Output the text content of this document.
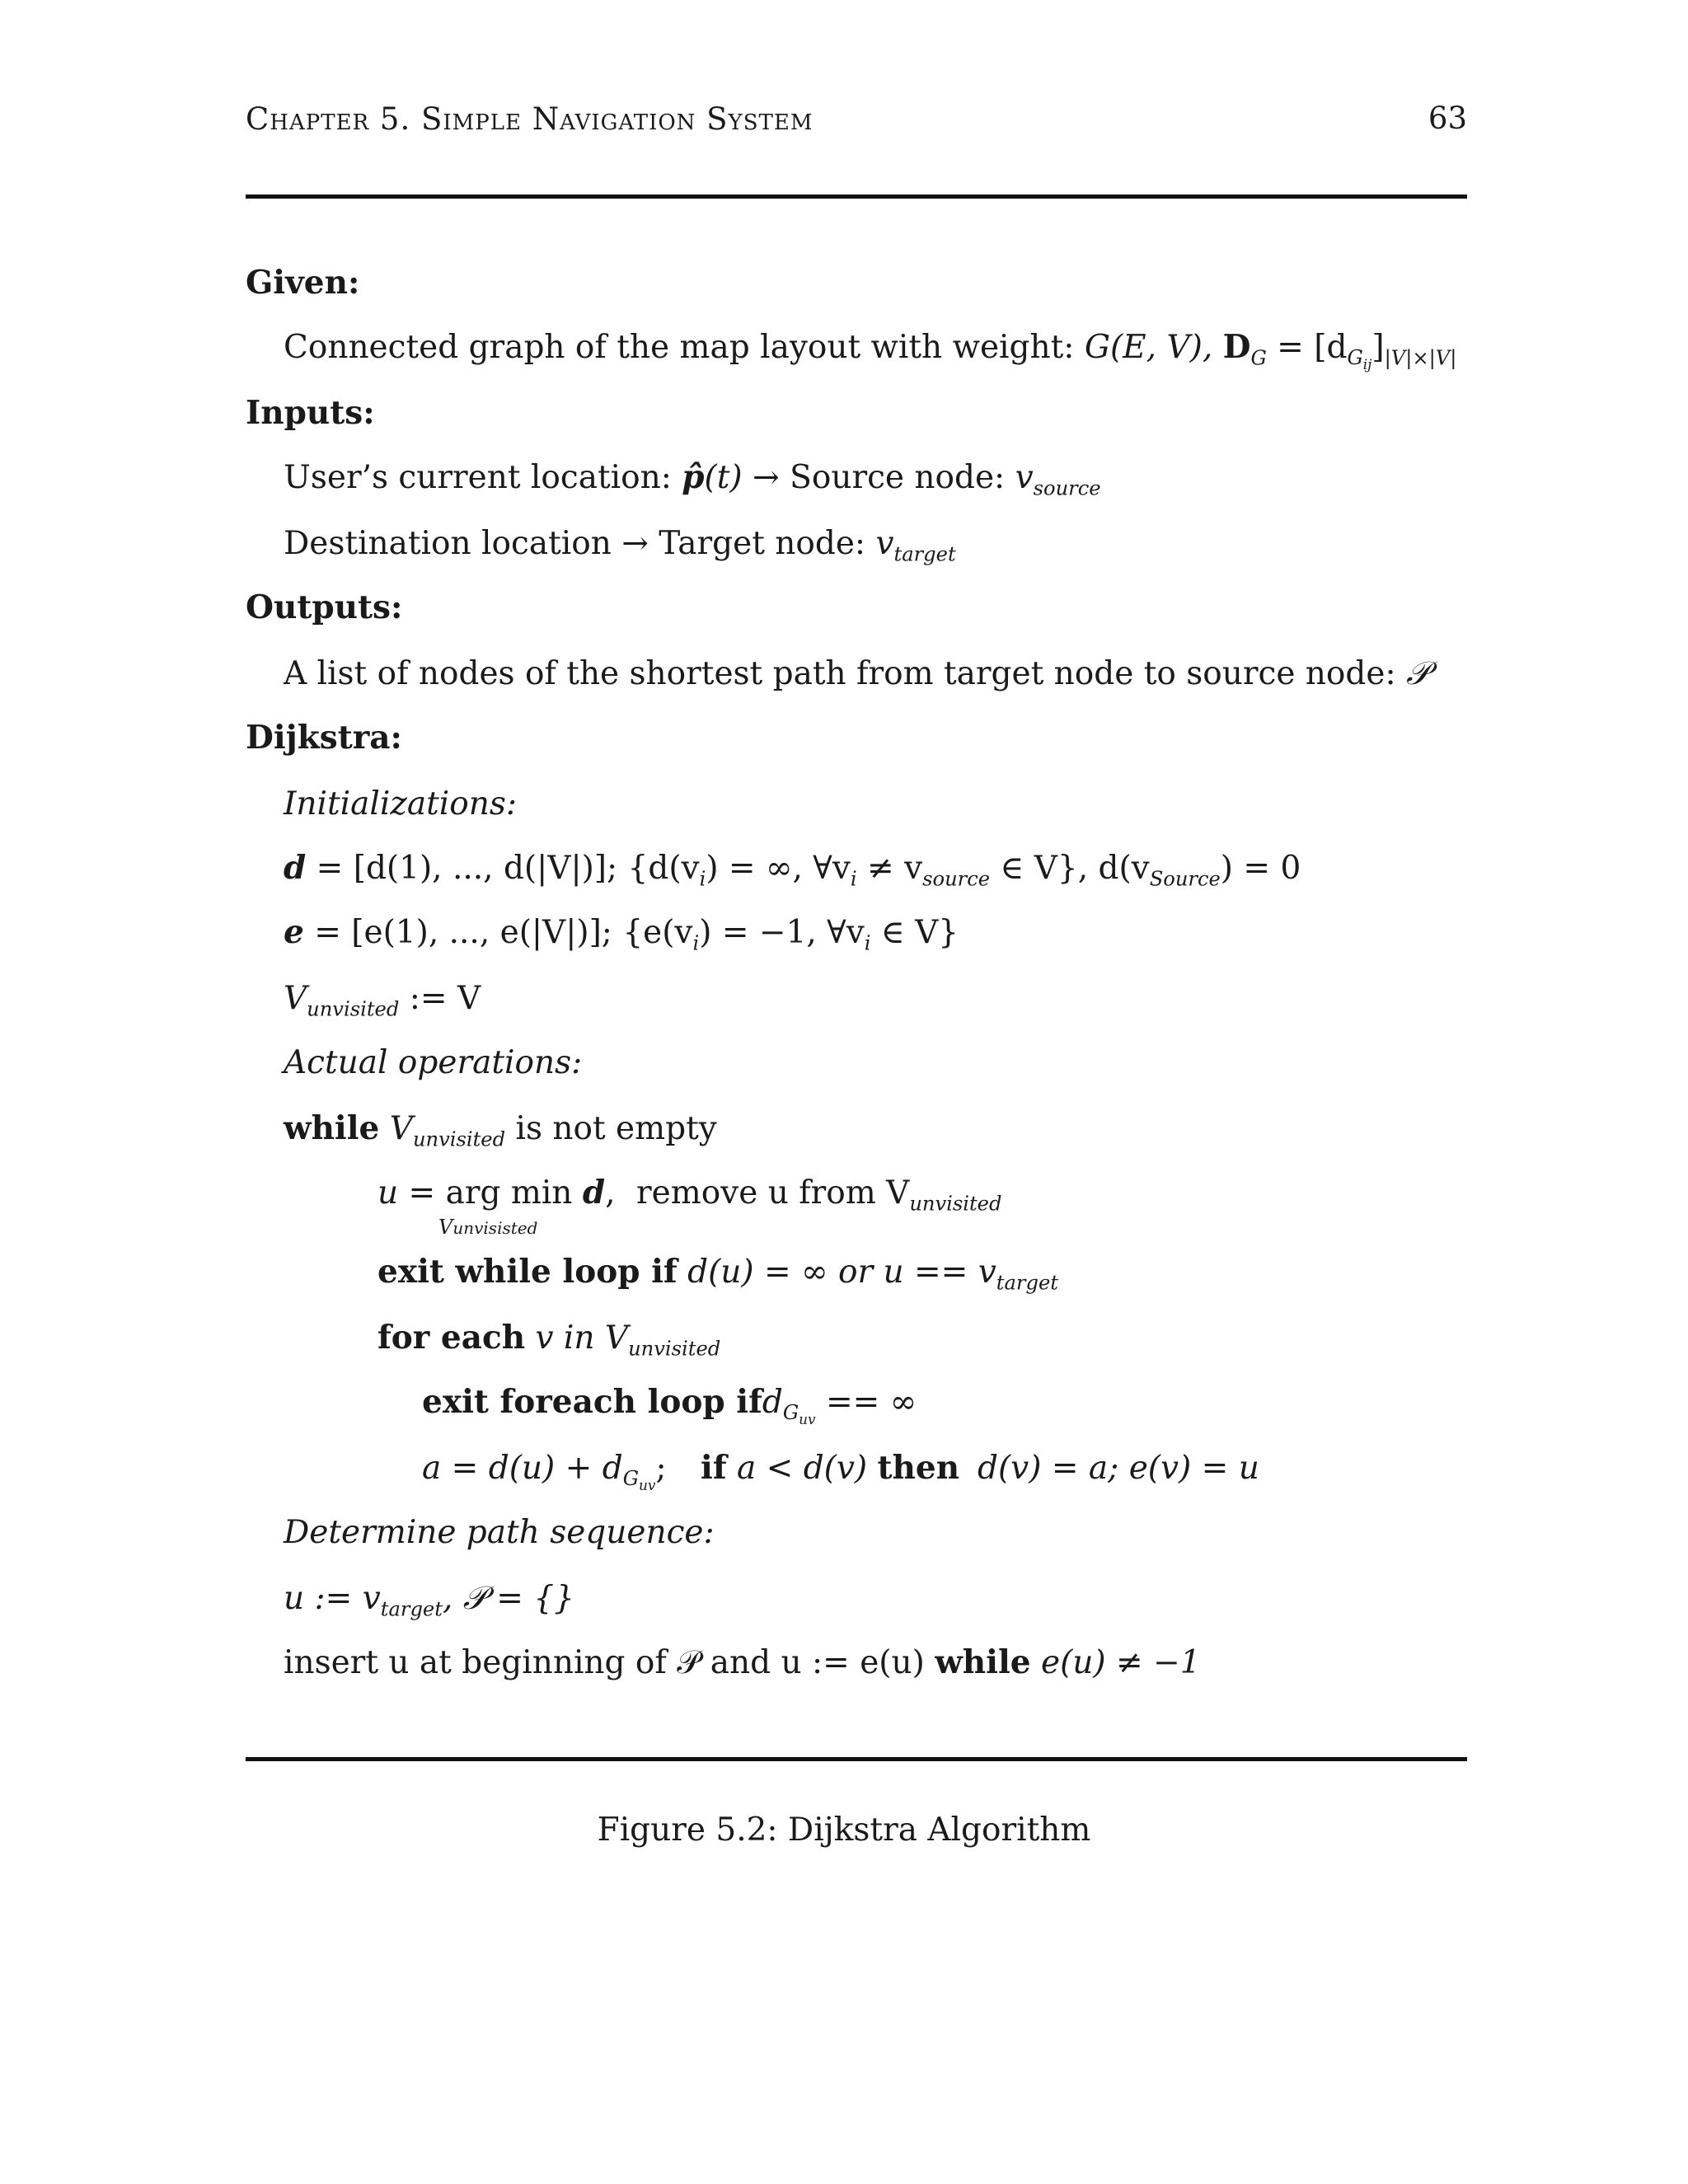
Chapter 5. Simple Navigation System	63
Given:
Connected graph of the map layout with weight: G(E, V), $D_G = [d_{G_{ij}}]_{|V|\times|V|}$
Inputs:
User’s current location: p̂(t) → Source node: $v_{source}$
Destination location → Target node: $v_{target}$
Outputs:
A list of nodes of the shortest path from target node to source node: 𝒫
Dijkstra:
Initializations:
d = [d(1), ..., d(|V|)]; {$d(v_i)$ = ∞, $\forall v_i \ne v_{source}$ ∈ V}, $d(v_{Source}) = 0$
e = [e(1), ..., e(|V|)]; {$e(v_i) = -1$, $\forall v_i$ ∈ V}
$V_{unvisited}$ := V
Actual operations:
while $V_{unvisited}$ is not empty
u = arg min d,
Vunvisisted
remove u from $V_{unvisited}$
exit while loop if d(u) = ∞ or $u == v_{target}$
for each v in $V_{unvisited}$
exit foreach loop ifd$_{G_{uv}}$ == ∞
$a = d(u) + d_{G_{uv}}$; if a < d(v) then d(v) = a; e(v) = u
Determine path sequence:
u := $v_{target}$, 𝒫 = {}
insert u at beginning of 𝒫 and u := e(u) while e(u) ≠ −1
Figure 5.2: Dijkstra Algorithm
